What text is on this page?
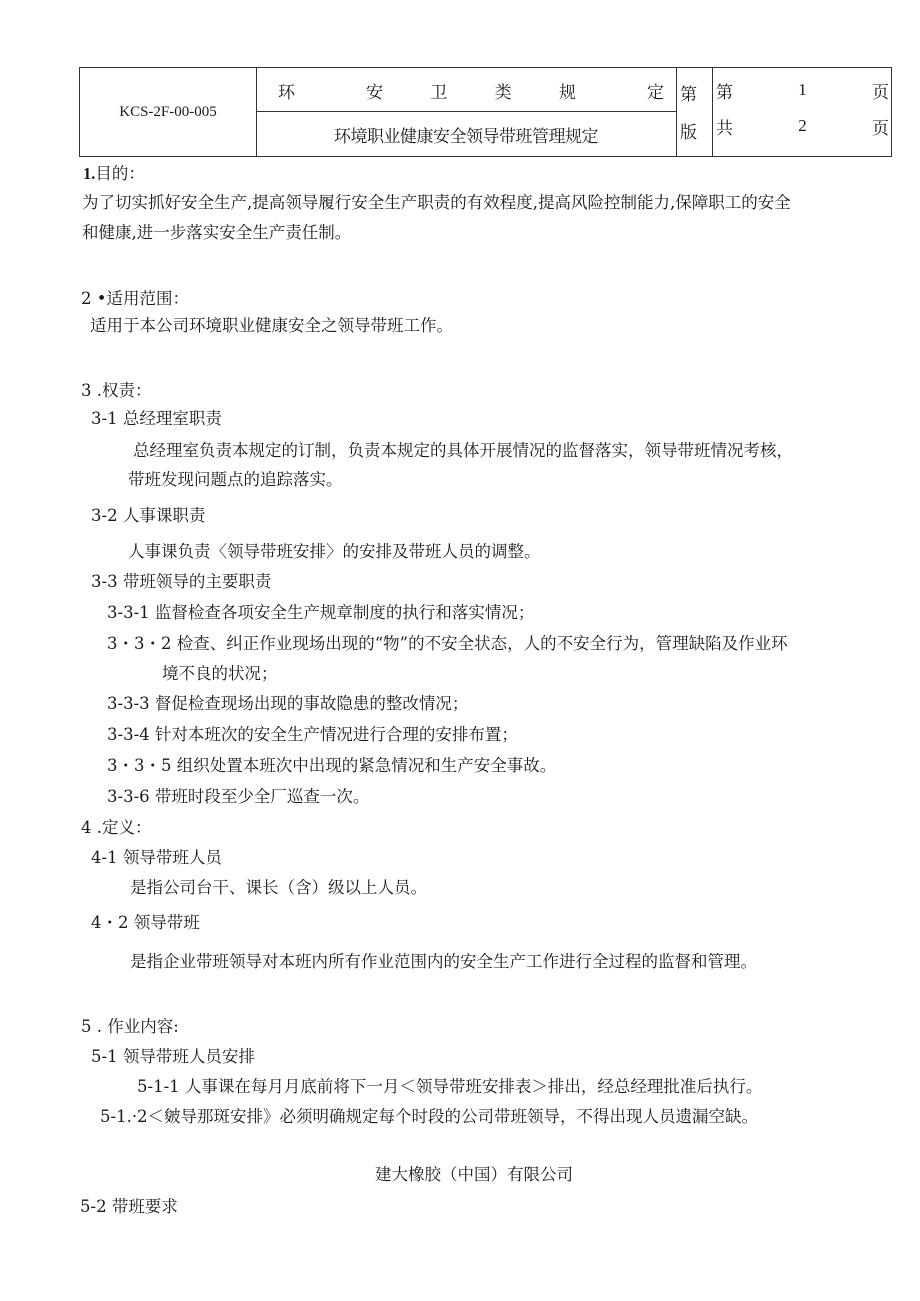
KCS-2F-00-005
环	安	卫	类	规	定
环境职业健康安全领导带班管理规定
第
版
第	1	页
共	2	页
1.目的：
为了切实抓好安全生产,提高领导履行安全生产职责的有效程度,提高风险控制能力,保障职工的安全
和健康,进一步落实安全生产责任制。
2 •适用范围：
适用于本公司环境职业健康安全之领导带班工作。
3 .权责：
3-1 总经理室职责
总经理室负责本规定的订制，负责本规定的具体开展情况的监督落实，领导带班情况考核，
带班发现问题点的追踪落实。
3-2 人事课职责
人事课负责〈领导带班安排〉的安排及带班人员的调整。
3-3 带班领导的主要职责
3-3-1 监督检查各项安全生产规章制度的执行和落实情况；
3・3・2 检查、纠正作业现场出现的“物”的不安全状态，人的不安全行为，管理缺陷及作业环
境不良的状况；
3-3-3 督促检查现场出现的事故隐患的整改情况；
3-3-4 针对本班次的安全生产情况进行合理的安排布置；
3・3・5 组织处置本班次中出现的紧急情况和生产安全事故。
3-3-6 带班时段至少全厂巡查一次。
4 .定义：
4-1 领导带班人员
是指公司台干、课长（含）级以上人员。
4・2 领导带班
是指企业带班领导对本班内所有作业范围内的安全生产工作进行全过程的监督和管理。
5 . 作业内容:
5-1 领导带班人员安排
5-1-1 人事课在每月月底前将下一月＜领导带班安排表＞排出，经总经理批准后执行。
5-1.·2＜皴导那斑安排》必须明确规定每个时段的公司带班领导，不得出现人员遗漏空缺。
建大橡胶（中国）有限公司
5-2 带班要求
